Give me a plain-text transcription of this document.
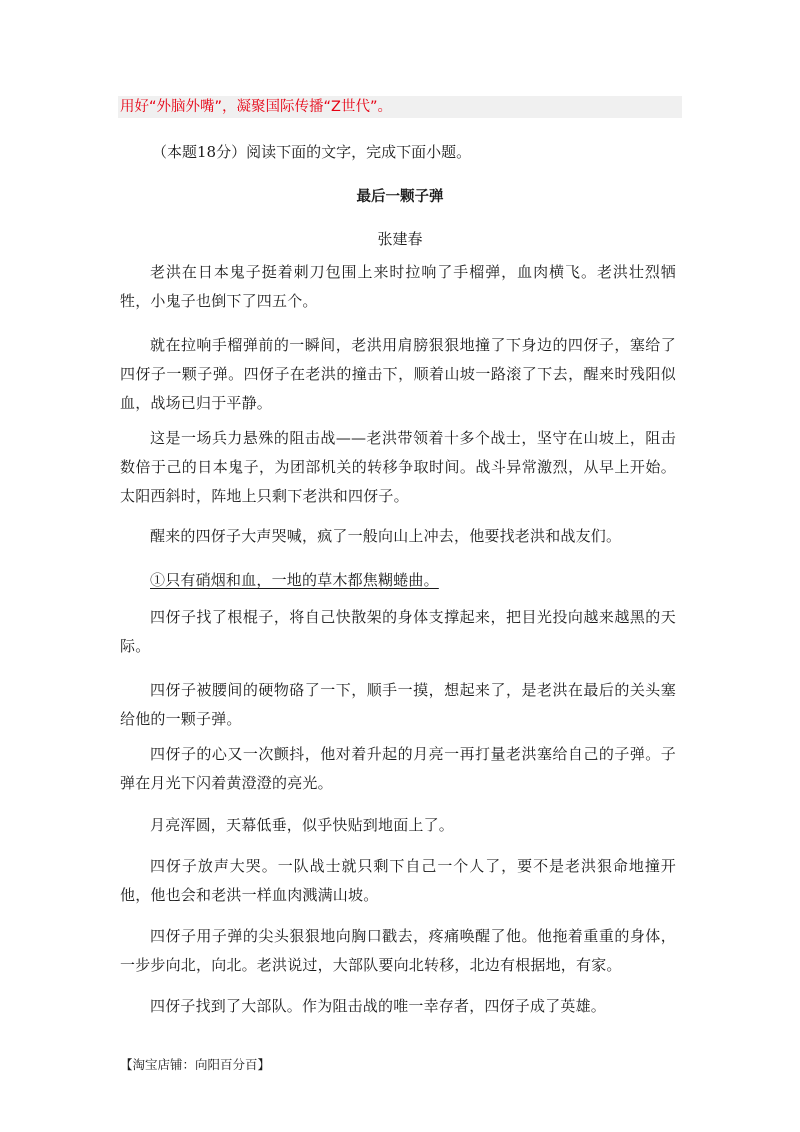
用好“外脑外嘴”，凝聚国际传播“Z世代”。
（本题18分）阅读下面的文字，完成下面小题。
最后一颗子弹
张建春

老洪在日本鬼子挺着刺刀包围上来时拉响了手榴弹，血肉横飞。老洪壮烈牺牲，小鬼子也倒下了四五个。

就在拉响手榴弹前的一瞬间，老洪用肩膀狠狠地撞了下身边的四伢子，塞给了四伢子一颗子弹。四伢子在老洪的撞击下，顺着山坡一路滚了下去，醒来时残阳似血，战场已归于平静。

这是一场兵力悬殊的阻击战——老洪带领着十多个战士，坚守在山坡上，阻击数倍于己的日本鬼子，为团部机关的转移争取时间。战斗异常激烈，从早上开始。太阳西斜时，阵地上只剩下老洪和四伢子。

醒来的四伢子大声哭喊，疯了一般向山上冲去，他要找老洪和战友们。

①只有硝烟和血，一地的草木都焦糊蜷曲。

四伢子找了根棍子，将自己快散架的身体支撑起来，把目光投向越来越黑的天际。

四伢子被腰间的硬物硌了一下，顺手一摸，想起来了，是老洪在最后的关头塞给他的一颗子弹。

四伢子的心又一次颤抖，他对着升起的月亮一再打量老洪塞给自己的子弹。子弹在月光下闪着黄澄澄的亮光。

月亮浑圆，天幕低垂，似乎快贴到地面上了。

四伢子放声大哭。一队战士就只剩下自己一个人了，要不是老洪狠命地撞开他，他也会和老洪一样血肉溅满山坡。

四伢子用子弹的尖头狠狠地向胸口戳去，疼痛唤醒了他。他拖着重重的身体，一步步向北，向北。老洪说过，大部队要向北转移，北边有根据地，有家。

四伢子找到了大部队。作为阻击战的唯一幸存者，四伢子成了英雄。

【淘宝店铺：向阳百分百】
